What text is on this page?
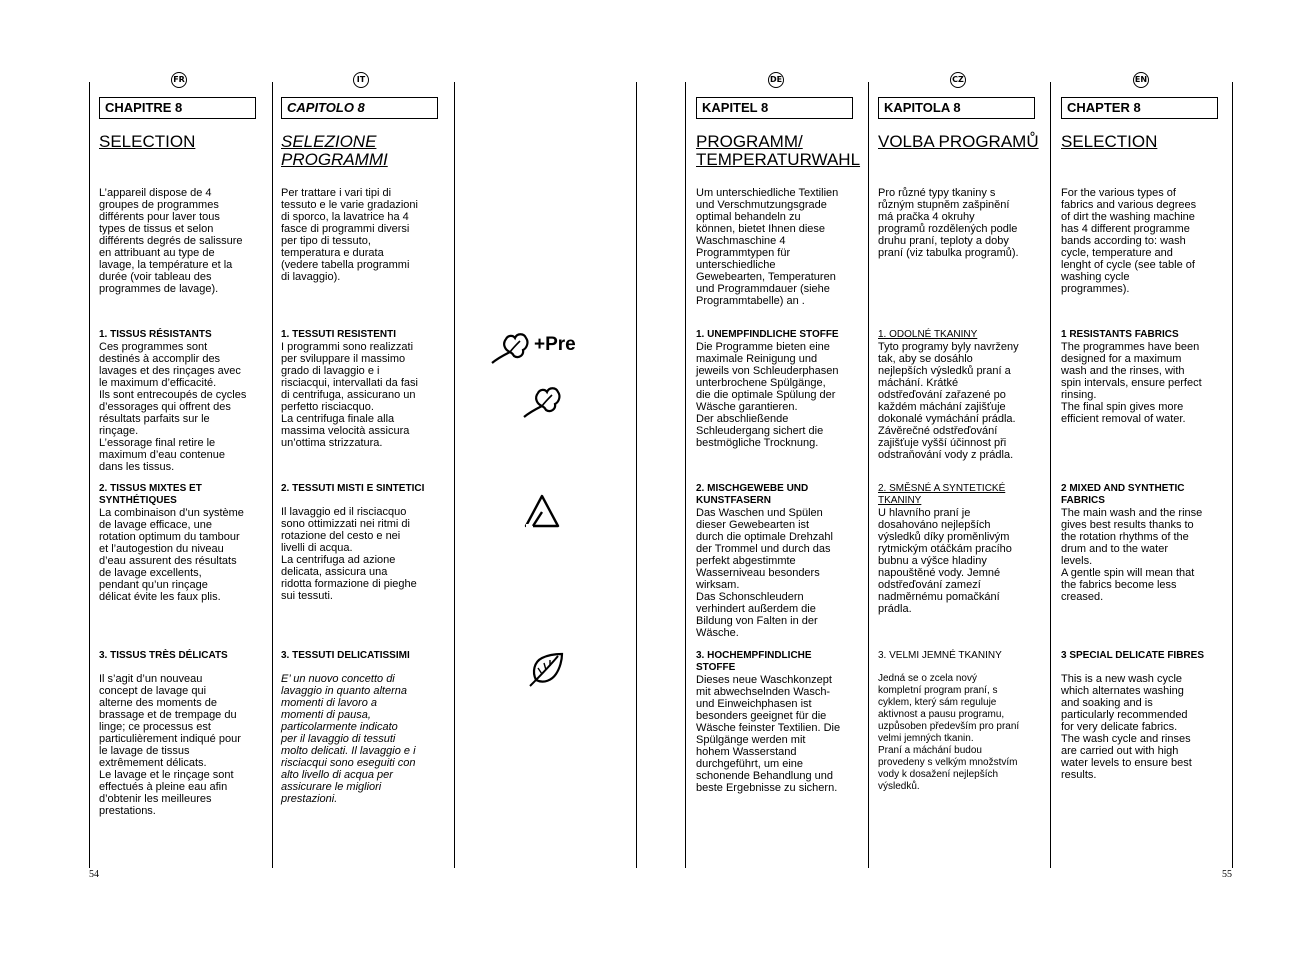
FR
CHAPITRE 8
SELECTION
L’appareil dispose de 4
groupes de programmes
différents pour laver tous
types de tissus et selon
différents degrés de salissure
en attribuant au type de
lavage, la température et la
durée (voir tableau des
programmes de lavage).
1. TISSUS RÉSISTANTS
Ces programmes sont
destinés à accomplir des
lavages et des rinçages avec
le maximum d’efficacité.
Ils sont entrecoupés de cycles
d’essorages qui offrent des
résultats parfaits sur le
rinçage.
L’essorage final retire le
maximum d’eau contenue
dans les tissus.
2. TISSUS MIXTES ET
SYNTHÉTIQUES
La combinaison d’un système
de lavage efficace, une
rotation optimum du tambour
et l’autogestion du niveau
d’eau assurent des résultats
de lavage excellents,
pendant qu’un rinçage
délicat évite les faux plis.
3. TISSUS TRÈS DÉLICATS
Il s’agit d’un nouveau
concept de lavage qui
alterne des moments de
brassage et de trempage du
linge; ce processus est
particulièrement indiqué pour
le lavage de tissus
extrêmement délicats.
Le lavage et le rinçage sont
effectués à pleine eau afin
d’obtenir les meilleures
prestations.
IT
CAPITOLO 8
SELEZIONE
PROGRAMMI
Per trattare i vari tipi di
tessuto e le varie gradazioni
di sporco, la lavatrice ha 4
fasce di programmi diversi
per tipo di tessuto,
temperatura e durata
(vedere tabella programmi
di lavaggio).
1. TESSUTI RESISTENTI
I programmi sono realizzati
per sviluppare il massimo
grado di lavaggio e i
risciacqui, intervallati da fasi
di centrifuga, assicurano un
perfetto risciacquo.
La centrifuga finale alla
massima velocità assicura
un’ottima strizzatura.
2. TESSUTI MISTI E SINTETICI
Il lavaggio ed il risciacquo
sono ottimizzati nei ritmi di
rotazione del cesto e nei
livelli di acqua.
La centrifuga ad azione
delicata, assicura una
ridotta formazione di pieghe
sui tessuti.
3. TESSUTI DELICATISSIMI
E’ un nuovo concetto di
lavaggio in quanto alterna
momenti di lavoro a
momenti di pausa,
particolarmente indicato
per il lavaggio di tessuti
molto delicati. Il lavaggio e i
risciacqui sono eseguiti con
alto livello di acqua per
assicurare le migliori
prestazioni.
DE
KAPITEL 8
PROGRAMM/
TEMPERATURWAHL
Um unterschiedliche Textilien
und Verschmutzungsgrade
optimal behandeln zu
können, bietet Ihnen diese
Waschmaschine 4
Programmtypen für
unterschiedliche
Gewebearten, Temperaturen
und Programmdauer (siehe
Programmtabelle) an .
1. UNEMPFINDLICHE STOFFE
Die Programme bieten eine
maximale Reinigung und
jeweils von Schleuderphasen
unterbrochene Spülgänge,
die die optimale Spülung der
Wäsche garantieren.
Der abschließende
Schleudergang sichert die
bestmögliche Trocknung.
2. MISCHGEWEBE UND
KUNSTFASERN
Das Waschen und Spülen
dieser Gewebearten ist
durch die optimale Drehzahl
der Trommel und durch das
perfekt abgestimmte
Wasserniveau besonders
wirksam.
Das Schonschleudern
verhindert außerdem die
Bildung von Falten in der
Wäsche.
3. HOCHEMPFINDLICHE
STOFFE
Dieses neue Waschkonzept
mit abwechselnden Wasch-
und Einweichphasen ist
besonders geeignet für die
Wäsche feinster Textilien. Die
Spülgänge werden mit
hohem Wasserstand
durchgeführt, um eine
schonende Behandlung und
beste Ergebnisse zu sichern.
CZ
KAPITOLA 8
VOLBA PROGRAMŮ
Pro různé typy tkaniny s
různým stupněm zašpinění
má pračka 4 okruhy
programů rozdělených podle
druhu praní, teploty a doby
praní (viz tabulka programů).
1. ODOLNÉ TKANINY
Tyto programy byly navrženy
tak, aby se dosáhlo
nejlepších výsledků praní a
máchání. Krátké
odstřeďování zařazené po
každém máchání zajišťuje
dokonalé vymáchání prádla.
Závěrečné odstřeďování
zajišťuje vyšší účinnost při
odstraňování vody z prádla.
2. SMĚSNÉ A SYNTETICKÉ
TKANINY
U hlavního praní je
dosahováno nejlepších
výsledků díky proměnlivým
rytmickým otáčkám pracího
bubnu a výšce hladiny
napouštěné vody. Jemné
odstřeďování zamezí
nadměrnému pomačkání
prádla.
3. VELMI JEMNÉ TKANINY
Jedná se o zcela nový
kompletní program praní, s
cyklem, který sám reguluje
aktivnost a pausu programu,
uzpůsoben především pro praní
velmi jemných tkanin.
Praní a máchání budou
provedeny s velkým množstvím
vody k dosažení nejlepších
výsledků.
EN
CHAPTER 8
SELECTION
For the various types of
fabrics and various degrees
of dirt the washing machine
has 4 different programme
bands according to: wash
cycle, temperature and
lenght of cycle (see table of
washing cycle
programmes).
1 RESISTANTS FABRICS
The programmes have been
designed for a maximum
wash and the rinses, with
spin intervals, ensure perfect
rinsing.
The final spin gives more
efficient removal of water.
2 MIXED AND SYNTHETIC
FABRICS
The main wash and the rinse
gives best results thanks to
the rotation rhythms of the
drum and to the water
levels.
A gentle spin will mean that
the fabrics become less
creased.
3 SPECIAL DELICATE FIBRES
This is a new wash cycle
which alternates washing
and soaking and is
particularly recommended
for very delicate fabrics.
The wash cycle and rinses
are carried out with high
water levels to ensure best
results.
+Pre
54	55
